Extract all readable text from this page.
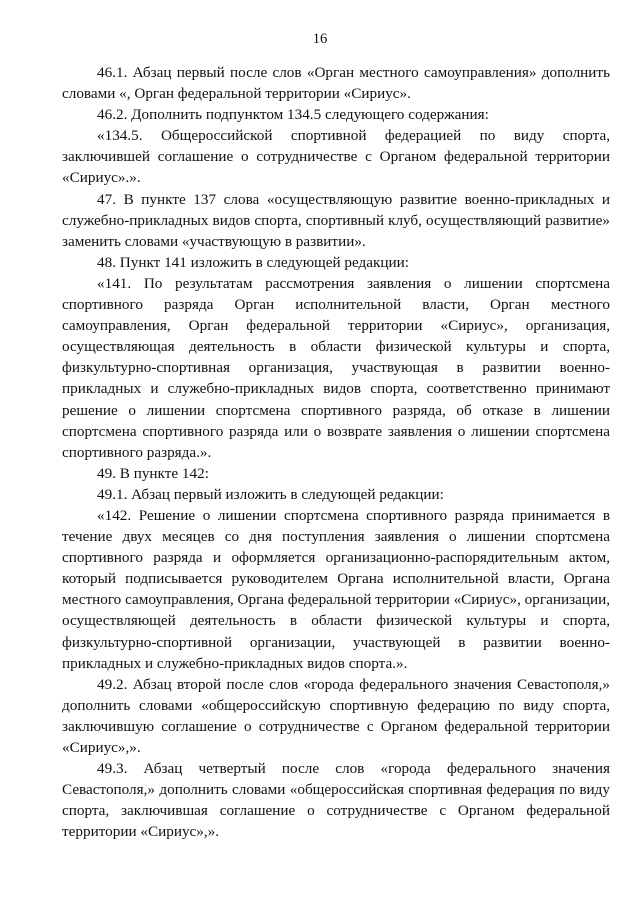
16

46.1. Абзац первый после слов «Орган местного самоуправления» дополнить словами «, Орган федеральной территории «Сириус».

46.2. Дополнить подпунктом 134.5 следующего содержания:

«134.5. Общероссийской спортивной федерацией по виду спорта, заключившей соглашение о сотрудничестве с Органом федеральной территории «Сириус».».

47. В пункте 137 слова «осуществляющую развитие военно-прикладных и служебно-прикладных видов спорта, спортивный клуб, осуществляющий развитие» заменить словами «участвующую в развитии».

48. Пункт 141 изложить в следующей редакции:

«141. По результатам рассмотрения заявления о лишении спортсмена спортивного разряда Орган исполнительной власти, Орган местного самоуправления, Орган федеральной территории «Сириус», организация, осуществляющая деятельность в области физической культуры и спорта, физкультурно-спортивная организация, участвующая в развитии военно-прикладных и служебно-прикладных видов спорта, соответственно принимают решение о лишении спортсмена спортивного разряда, об отказе в лишении спортсмена спортивного разряда или о возврате заявления о лишении спортсмена спортивного разряда.».

49. В пункте 142:

49.1. Абзац первый изложить в следующей редакции:

«142. Решение о лишении спортсмена спортивного разряда принимается в течение двух месяцев со дня поступления заявления о лишении спортсмена спортивного разряда и оформляется организационно-распорядительным актом, который подписывается руководителем Органа исполнительной власти, Органа местного самоуправления, Органа федеральной территории «Сириус», организации, осуществляющей деятельность в области физической культуры и спорта, физкультурно-спортивной организации, участвующей в развитии военно-прикладных и служебно-прикладных видов спорта.».

49.2. Абзац второй после слов «города федерального значения Севастополя,» дополнить словами «общероссийскую спортивную федерацию по виду спорта, заключившую соглашение о сотрудничестве с Органом федеральной территории «Сириус»,».

49.3. Абзац четвертый после слов «города федерального значения Севастополя,» дополнить словами «общероссийская спортивная федерация по виду спорта, заключившая соглашение о сотрудничестве с Органом федеральной территории «Сириус»,».
